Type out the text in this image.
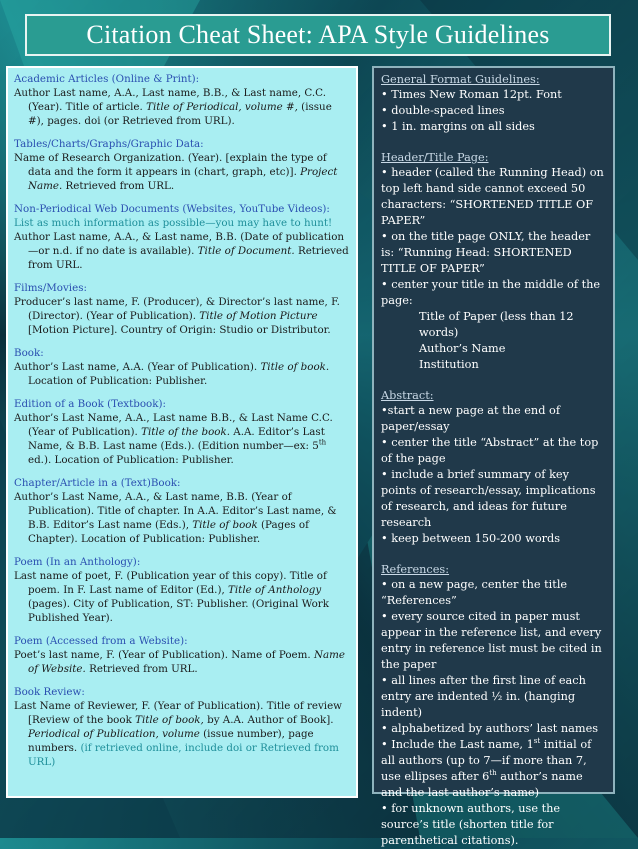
Citation Cheat Sheet: APA Style Guidelines
Academic Articles (Online & Print):
Author Last name, A.A., Last name, B.B., & Last name, C.C. (Year). Title of article. Title of Periodical, volume #, (issue #), pages. doi (or Retrieved from URL).
Tables/Charts/Graphs/Graphic Data:
Name of Research Organization. (Year). [explain the type of data and the form it appears in (chart, graph, etc)]. Project Name. Retrieved from URL.
Non-Periodical Web Documents (Websites, YouTube Videos):
List as much information as possible—you may have to hunt!
Author Last name, A.A., & Last name, B.B. (Date of publication—or n.d. if no date is available). Title of Document. Retrieved from URL.
Films/Movies:
Producer’s last name, F. (Producer), & Director’s last name, F. (Director). (Year of Publication). Title of Motion Picture [Motion Picture]. Country of Origin: Studio or Distributor.
Book:
Author’s Last name, A.A. (Year of Publication). Title of book. Location of Publication: Publisher.
Edition of a Book (Textbook):
Author’s Last Name, A.A., Last name B.B., & Last Name C.C. (Year of Publication). Title of the book. A.A. Editor’s Last Name, & B.B. Last name (Eds.). (Edition number—ex: 5th ed.). Location of Publication: Publisher.
Chapter/Article in a (Text)Book:
Author’s Last Name, A.A., & Last name, B.B. (Year of Publication). Title of chapter. In A.A. Editor’s Last name, & B.B. Editor’s Last name (Eds.), Title of book (Pages of Chapter). Location of Publication: Publisher.
Poem (In an Anthology):
Last name of poet, F. (Publication year of this copy). Title of poem. In F. Last name of Editor (Ed.), Title of Anthology (pages). City of Publication, ST: Publisher. (Original Work Published Year).
Poem (Accessed from a Website):
Poet’s last name, F. (Year of Publication). Name of Poem. Name of Website. Retrieved from URL.
Book Review:
Last Name of Reviewer, F. (Year of Publication). Title of review [Review of the book Title of book, by A.A. Author of Book]. Periodical of Publication, volume (issue number), page numbers. (if retrieved online, include doi or Retrieved from URL)
General Format Guidelines:
• Times New Roman 12pt. Font
• double-spaced lines
• 1 in. margins on all sides
Header/Title Page:
• header (called the Running Head) on top left hand side cannot exceed 50 characters: “SHORTENED TITLE OF PAPER”
• on the title page ONLY, the header is: “Running Head: SHORTENED TITLE OF PAPER”
• center your title in the middle of the page:
Title of Paper (less than 12 words)
Author’s Name
Institution
Abstract:
•start a new page at the end of paper/essay
• center the title “Abstract” at the top of the page
• include a brief summary of key points of research/essay, implications of research, and ideas for future research
• keep between 150-200 words
References:
• on a new page, center the title “References”
• every source cited in paper must appear in the reference list, and every entry in reference list must be cited in the paper
• all lines after the first line of each entry are indented ½ in. (hanging indent)
• alphabetized by authors’ last names
• Include the Last name, 1st initial of all authors (up to 7—if more than 7, use ellipses after 6th author’s name and the last author’s name)
• for unknown authors, use the source’s title (shorten title for parenthetical citations).
